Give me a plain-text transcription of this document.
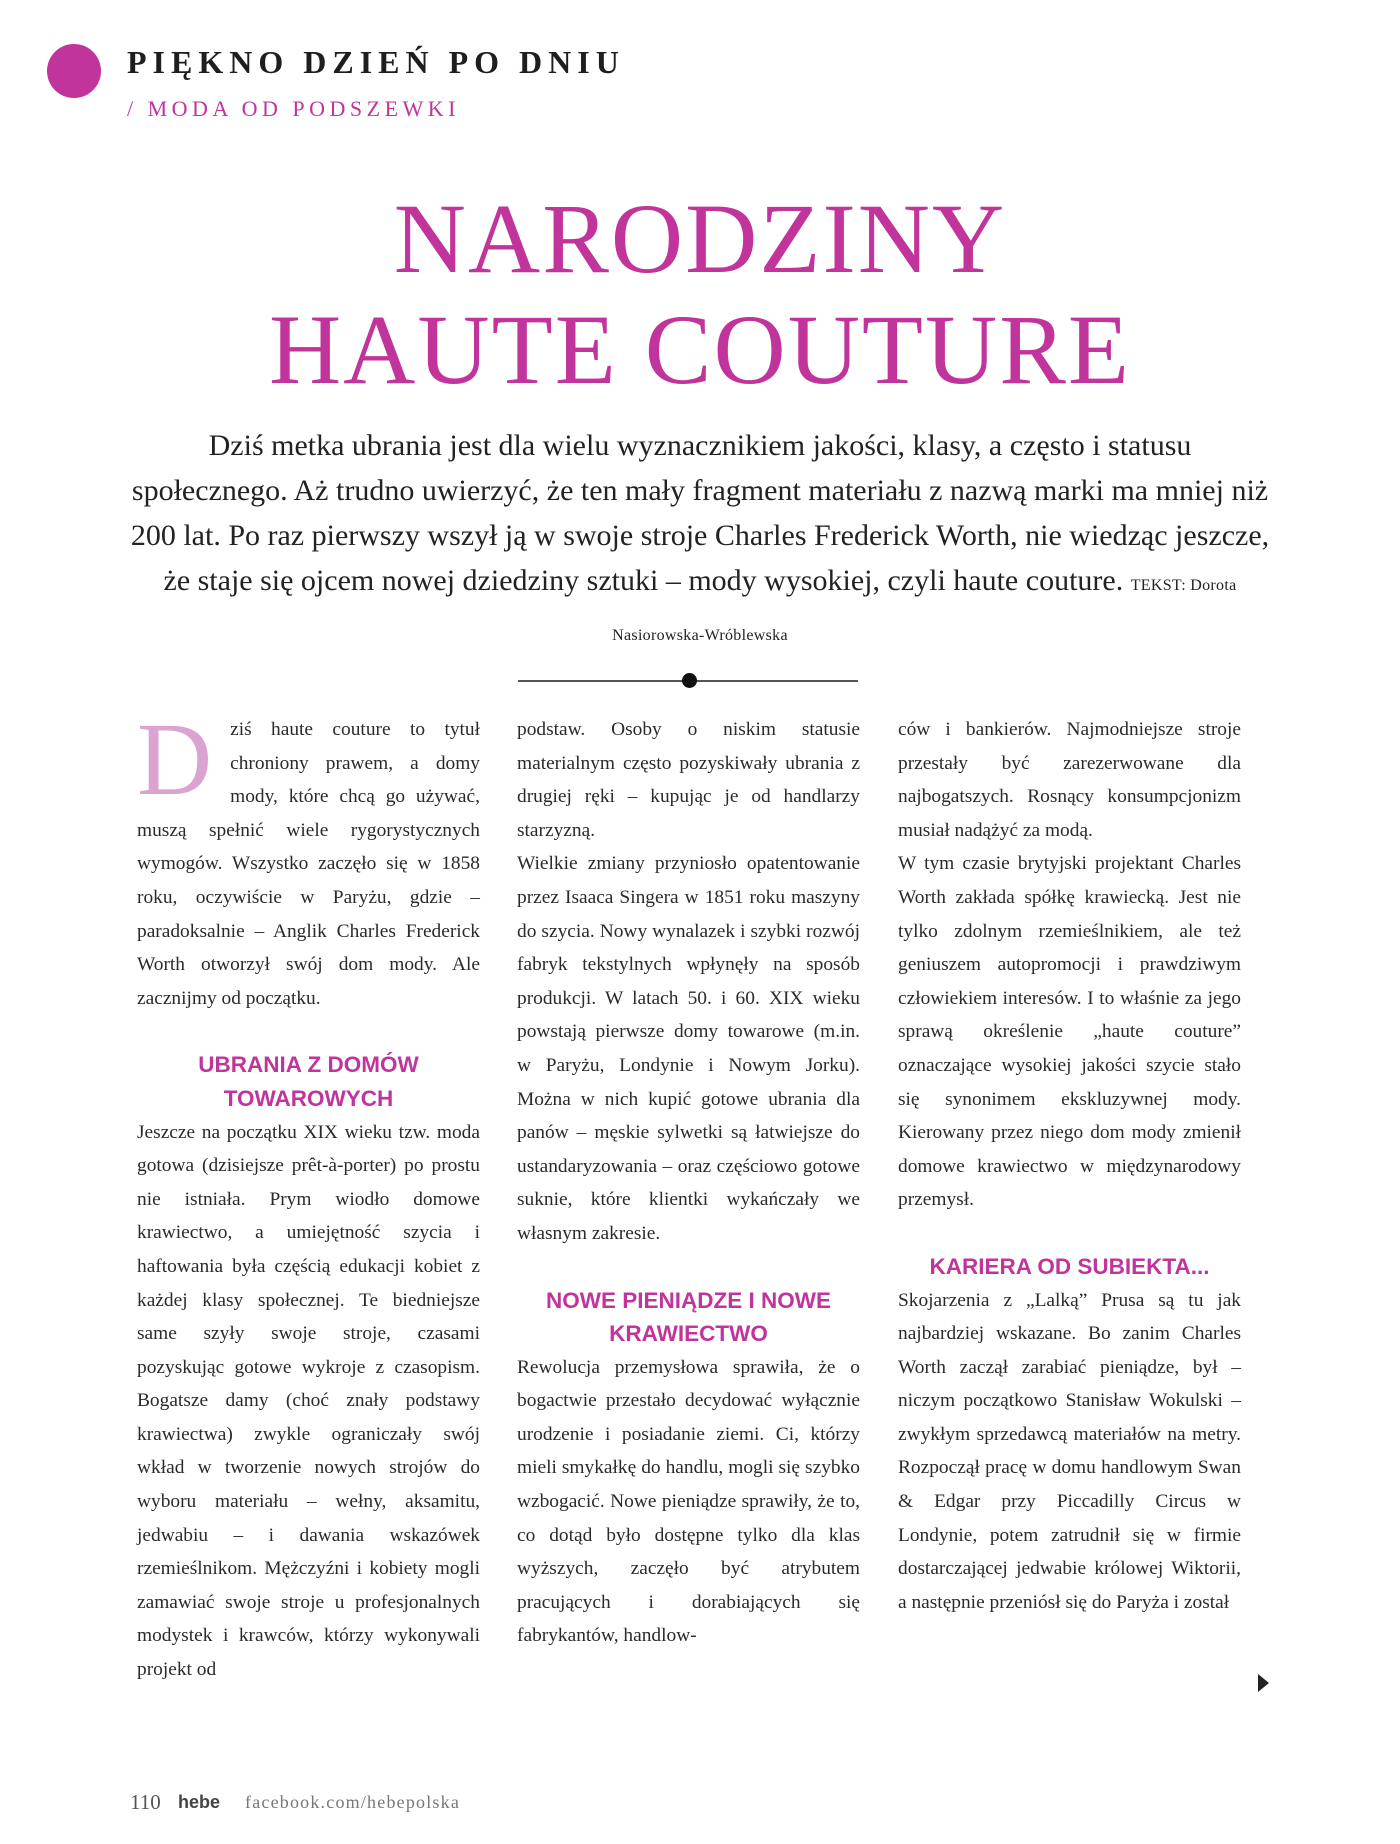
PIĘKNO DZIEŃ PO DNIU
/ MODA OD PODSZEWKI
NARODZINY
HAUTE COUTURE

Dziś metka ubrania jest dla wielu wyznacznikiem jakości, klasy, a często i statusu społecznego. Aż trudno uwierzyć, że ten mały fragment materiału z nazwą marki ma mniej niż 200 lat. Po raz pierwszy wszył ją w swoje stroje Charles Frederick Worth, nie wiedząc jeszcze, że staje się ojcem nowej dziedziny sztuki – mody wysokiej, czyli haute couture. TEKST: Dorota Nasiorowska-Wróblewska

D ziś haute couture to tytuł chroniony prawem, a domy mody, które chcą go używać, muszą spełnić wiele rygorystycznych wymogów. Wszystko zaczęło się w 1858 roku, oczywiście w Paryżu, gdzie – paradoksalnie – Anglik Charles Frederick Worth otworzył swój dom mody. Ale zacznijmy od początku.

UBRANIA Z DOMÓW TOWAROWYCH

Jeszcze na początku XIX wieku tzw. moda gotowa (dzisiejsze prêt-à-porter) po prostu nie istniała. Prym wiodło domowe krawiectwo, a umiejętność szycia i haftowania była częścią edukacji kobiet z każdej klasy społecznej. Te biedniejsze same szyły swoje stroje, czasami pozyskując gotowe wykroje z czasopism. Bogatsze damy (choć znały podstawy krawiectwa) zwykle ograniczały swój wkład w tworzenie nowych strojów do wyboru materiału – wełny, aksamitu, jedwabiu – i dawania wskazówek rzemieślnikom. Mężczyźni i kobiety mogli zamawiać swoje stroje u profesjonalnych modystek i krawców, którzy wykonywali projekt od

podstaw. Osoby o niskim statusie materialnym często pozyskiwały ubrania z drugiej ręki – kupując je od handlarzy starzyzną.

Wielkie zmiany przyniosło opatentowanie przez Isaaca Singera w 1851 roku maszyny do szycia. Nowy wynalazek i szybki rozwój fabryk tekstylnych wpłynęły na sposób produkcji. W latach 50. i 60. XIX wieku powstają pierwsze domy towarowe (m.in. w Paryżu, Londynie i Nowym Jorku). Można w nich kupić gotowe ubrania dla panów – męskie sylwetki są łatwiejsze do ustandaryzowania – oraz częściowo gotowe suknie, które klientki wykańczały we własnym zakresie.

NOWE PIENIĄDZE I NOWE KRAWIECTWO

Rewolucja przemysłowa sprawiła, że o bogactwie przestało decydować wyłącznie urodzenie i posiadanie ziemi. Ci, którzy mieli smykałkę do handlu, mogli się szybko wzbogacić. Nowe pieniądze sprawiły, że to, co dotąd było dostępne tylko dla klas wyższych, zaczęło być atrybutem pracujących i dorabiających się fabrykantów, handlow-

ców i bankierów. Najmodniejsze stroje przestały być zarezerwowane dla najbogatszych. Rosnący konsumpcjonizm musiał nadążyć za modą.

W tym czasie brytyjski projektant Charles Worth zakłada spółkę krawiecką. Jest nie tylko zdolnym rzemieślnikiem, ale też geniuszem autopromocji i prawdziwym człowiekiem interesów. I to właśnie za jego sprawą określenie „haute couture” oznaczające wysokiej jakości szycie stało się synonimem ekskluzywnej mody. Kierowany przez niego dom mody zmienił domowe krawiectwo w międzynarodowy przemysł.

KARIERA OD SUBIEKTA...

Skojarzenia z „Lalką” Prusa są tu jak najbardziej wskazane. Bo zanim Charles Worth zaczął zarabiać pieniądze, był – niczym początkowo Stanisław Wokulski – zwykłym sprzedawcą materiałów na metry. Rozpoczął pracę w domu handlowym Swan & Edgar przy Piccadilly Circus w Londynie, potem zatrudnił się w firmie dostarczającej jedwabie królowej Wiktorii, a następnie przeniósł się do Paryża i został

110 hebe facebook.com/hebepolska
